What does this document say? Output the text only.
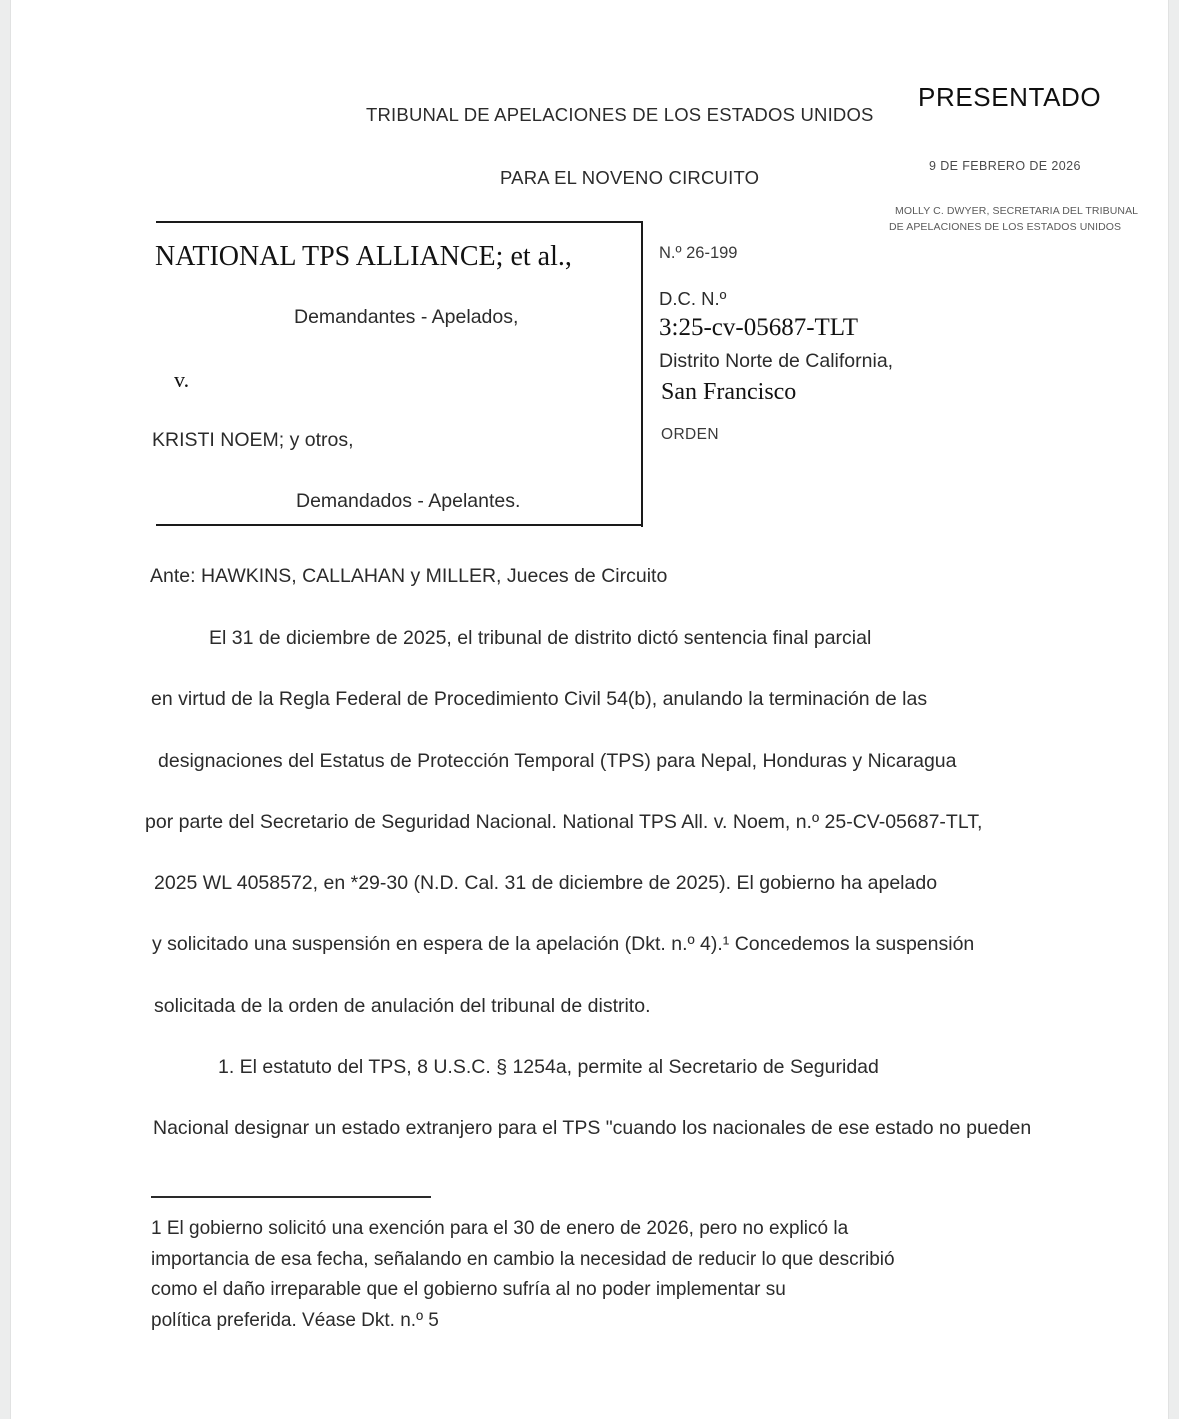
TRIBUNAL DE APELACIONES DE LOS ESTADOS UNIDOS
PARA EL NOVENO CIRCUITO
PRESENTADO
9 DE FEBRERO DE 2026
MOLLY C. DWYER, SECRETARIA DEL TRIBUNAL
DE APELACIONES DE LOS ESTADOS UNIDOS
NATIONAL TPS ALLIANCE; et al.,
Demandantes - Apelados,
v.
KRISTI NOEM; y otros,
Demandados - Apelantes.
N.º 26-199
D.C. N.º
3:25-cv-05687-TLT
Distrito Norte de California,
San Francisco
ORDEN
Ante: HAWKINS, CALLAHAN y MILLER, Jueces de Circuito
El 31 de diciembre de 2025, el tribunal de distrito dictó sentencia final parcial
en virtud de la Regla Federal de Procedimiento Civil 54(b), anulando la terminación de las
designaciones del Estatus de Protección Temporal (TPS) para Nepal, Honduras y Nicaragua
por parte del Secretario de Seguridad Nacional. National TPS All. v. Noem, n.º 25-CV-05687-TLT,
2025 WL 4058572, en *29-30 (N.D. Cal. 31 de diciembre de 2025). El gobierno ha apelado
y solicitado una suspensión en espera de la apelación (Dkt. n.º 4).¹ Concedemos la suspensión
solicitada de la orden de anulación del tribunal de distrito.
1. El estatuto del TPS, 8 U.S.C. § 1254a, permite al Secretario de Seguridad
Nacional designar un estado extranjero para el TPS "cuando los nacionales de ese estado no pueden
1 El gobierno solicitó una exención para el 30 de enero de 2026, pero no explicó la
importancia de esa fecha, señalando en cambio la necesidad de reducir lo que describió
como el daño irreparable que el gobierno sufría al no poder implementar su
política preferida. Véase Dkt. n.º 5
